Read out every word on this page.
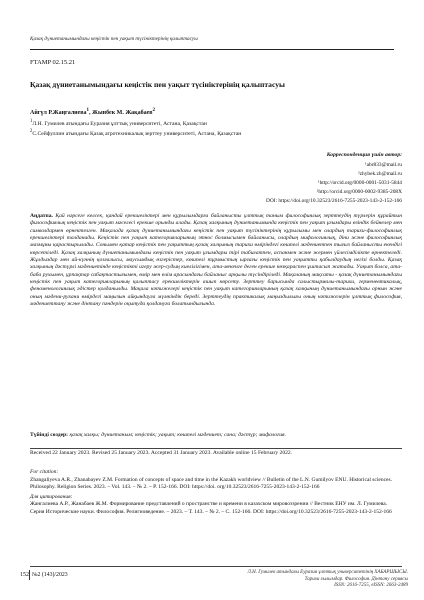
Қазақ дүниетанымындағы кеңістік пен уақыт түсініктерінің қалыптасуы
FTAMP 02.15.21
Қазақ дүниетанымындағы кеңістік пен уақыт түсініктерінің қалыптасуы
Айгүл Р.Жаңгалиева$^1$, Жынбек М. Жақабаев$^2$
$^1$Л.Н. Гумилев атындағы Еуразия ұлттық университеті, Астана, Қазақстан
$^2$С.Сейфуллин атындағы Қазақ агротехникалық зерттеу университеті, Астана, Қазақстан
Корреспонденция үшін автор:
¹abr833@mail.ru
²zhybek.zh@mail.ru
¹http://orcid.org/0000-0001-5031-5844
²http://orcid.org/0000-0002-9385-208X
DOI: https://doi.org/10.32523/2616-7255-2023-143-2-152-166
Аңдатпа. Қай нәрсеге келсек, қандай ерекшеліктері мен құрылымдарға байланысты ұлттық таным философиялық зерттеудің түрлерін құрайтын философиялық кеңістік пен уақыт мәселесі ерекше орынды алады. Қазақ халқының дүниетанымында кеңістік пен уақыт ұғымдары өзіндік бейнелер мен символдармен өрнектелген. Мақалада қазақ дүниетанымындағы кеңістік пен уақыт түсініктерінің құрылымы мен олардың тарихи-философиялық ерекшеліктері талданады. Кеңістік пен уақыт категорияларының этнос болмысымен байланысы, олардың мифологиялық, діни және философиялық мазмұны қарастырылады. Сонымен қатар кеңістік пен уақыттың қазақ халқының тарихи өміріндегі көшпелі мәдениетпен тығыз байланысты екендігі көрсетіледі. Қазақ халқының дүниетанымындағы кеңістік пен уақыт ұғымдары тірі табиғатпен, аспанмен және жермен үйлесімділікте өрнектеледі. Жұлдыздар мен ай-күннің қозғалысы, маусымдық өзгерістер, көшпелі тұрмыстың ырғағы кеңістік пен уақытты қабылдаудың негізі болды. Қазақ халқының дәстүрлі мәдениетінде кеңістікті игеру жер-судың киелілігімен, ата-мекенге деген ерекше көзқараспен ұштасып жатады. Уақыт болса, ата-баба рухымен, ұрпақтар сабақтастығымен, өмір мен өлім арасындағы байланыс арқылы түсіндіріледі. Мақаланың мақсаты - қазақ дүниетанымындағы кеңістік пен уақыт категорияларының қалыптасу ерекшеліктерін ашып көрсету. Зерттеу барысында салыстырмалы-тарихи, герменевтикалық, феноменологиялық әдістер қолданылды. Мақала нәтижелері кеңістік пен уақыт категорияларының қазақ халқының дүниетанымындағы орнын және оның мәдени-рухани өмірдегі маңызын айқындауға мүмкіндік береді. Зерттеудің практикалық маңыздылығы оның нәтижелерін ұлттық философия, мәдениеттану және дінтану пәндерін оқытуда қолдануға болатындығында.
Түйінді сөздер: қазақ халқы; дүниетаным; кеңістік; уақыт; көшпелі мәдениет; сана; дәстүр; мифология.
Received 22 January 2023. Revised 25 January 2023. Accepted 31 January 2023. Available online 15 February 2022.
For citation:
Zhangaliyeva A.R., Zhanabayev Z.M. Formation of concepts of space and time in the Kazakh worldview // Bulletin of the L.N. Gumilyov ENU. Historical sciences. Philosophy. Religion Series. 2023. – Vol. 143. – № 2. – P. 152-166. DOI: https://doi. org/10.32523/2616-7255-2023-143-2-152-166
Для цитирования:
Жангалиева А.Р., Жанабаев Ж.М. Формирование представлений о пространстве и времени в казахском мировоззрении // Вестник ЕНУ им. Л. Гумилева. Серия Исторические науки. Философия. Религиоведение. – 2023. – Т. 143. – № 2. – С. 152-166. DOI: https://doi.org/10.32523/2616-7255-2023-143-2-152-166
152 №2 (143)/2023	Л.Н. Гумилев атындағы Еуразия ұлттық университетінің ХАБАРШЫСЫ.
Тарихи ғылымдар. Философия. Дінтану сериясы
ISSN: 2616-7255, eISSN: 2663-2489
